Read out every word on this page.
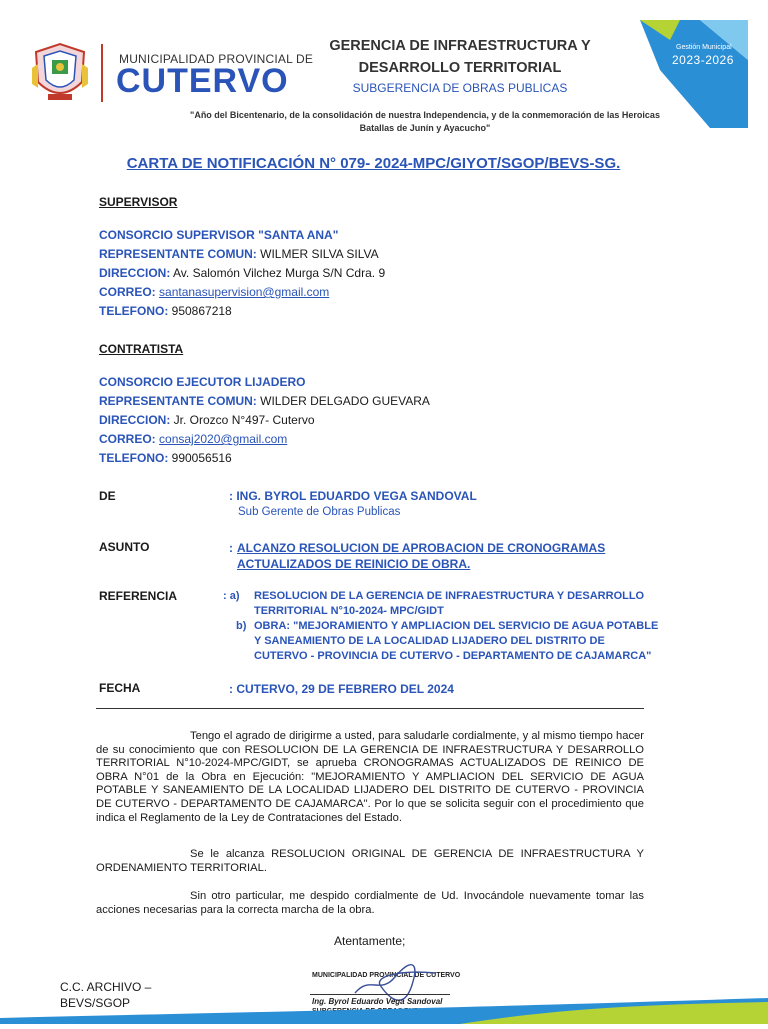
MUNICIPALIDAD PROVINCIAL DE
CUTERVO
GERENCIA DE INFRAESTRUCTURA Y
DESARROLLO TERRITORIAL
SUBGERENCIA DE OBRAS PUBLICAS
Gestión Municipal
2023-2026
"Año del Bicentenario, de la consolidación de nuestra Independencia, y de la conmemoración de las Heroicas
Batallas de Junín y Ayacucho"
CARTA DE NOTIFICACIÓN N° 079- 2024-MPC/GIYOT/SGOP/BEVS-SG.
SUPERVISOR
CONSORCIO SUPERVISOR "SANTA ANA"
REPRESENTANTE COMUN: WILMER SILVA SILVA
DIRECCION: Av. Salomón Vilchez Murga S/N Cdra. 9
CORREO: santanasupervision@gmail.com
TELEFONO: 950867218
CONTRATISTA
CONSORCIO EJECUTOR LIJADERO
REPRESENTANTE COMUN: WILDER DELGADO GUEVARA
DIRECCION: Jr. Orozco N°497- Cutervo
CORREO: consaj2020@gmail.com
TELEFONO: 990056516
DE	: ING. BYROL EDUARDO VEGA SANDOVAL
Sub Gerente de Obras Publicas
ASUNTO	: ALCANZO RESOLUCION DE APROBACION DE CRONOGRAMAS
ACTUALIZADOS DE REINICIO DE OBRA.
REFERENCIA	: a) RESOLUCION DE LA GERENCIA DE INFRAESTRUCTURA Y DESARROLLO
TERRITORIAL N°10-2024- MPC/GIDT
b) OBRA: "MEJORAMIENTO Y AMPLIACION DEL SERVICIO DE AGUA POTABLE
Y SANEAMIENTO DE LA LOCALIDAD LIJADERO DEL DISTRITO DE
CUTERVO - PROVINCIA DE CUTERVO - DEPARTAMENTO DE CAJAMARCA"
FECHA	: CUTERVO, 29 DE FEBRERO DEL 2024
Tengo el agrado de dirigirme a usted, para saludarle cordialmente, y al mismo tiempo hacer de su conocimiento que con RESOLUCION DE LA GERENCIA DE INFRAESTRUCTURA Y DESARROLLO TERRITORIAL N°10-2024-MPC/GIDT, se aprueba CRONOGRAMAS ACTUALIZADOS DE REINICO DE OBRA N°01 de la Obra en Ejecución: "MEJORAMIENTO Y AMPLIACION DEL SERVICIO DE AGUA POTABLE Y SANEAMIENTO DE LA LOCALIDAD LIJADERO DEL DISTRITO DE CUTERVO - PROVINCIA DE CUTERVO - DEPARTAMENTO DE CAJAMARCA". Por lo que se solicita seguir con el procedimiento que indica el Reglamento de la Ley de Contrataciones del Estado.
Se le alcanza RESOLUCION ORIGINAL DE GERENCIA DE INFRAESTRUCTURA Y ORDENAMIENTO TERRITORIAL.
Sin otro particular, me despido cordialmente de Ud. Invocándole nuevamente tomar las acciones necesarias para la correcta marcha de la obra.
Atentamente;
MUNICIPALIDAD PROVINCIAL DE CUTERVO
Ing. Byrol Eduardo Vega Sandoval
C.C. ARCHIVO –
BEVS/SGOP
